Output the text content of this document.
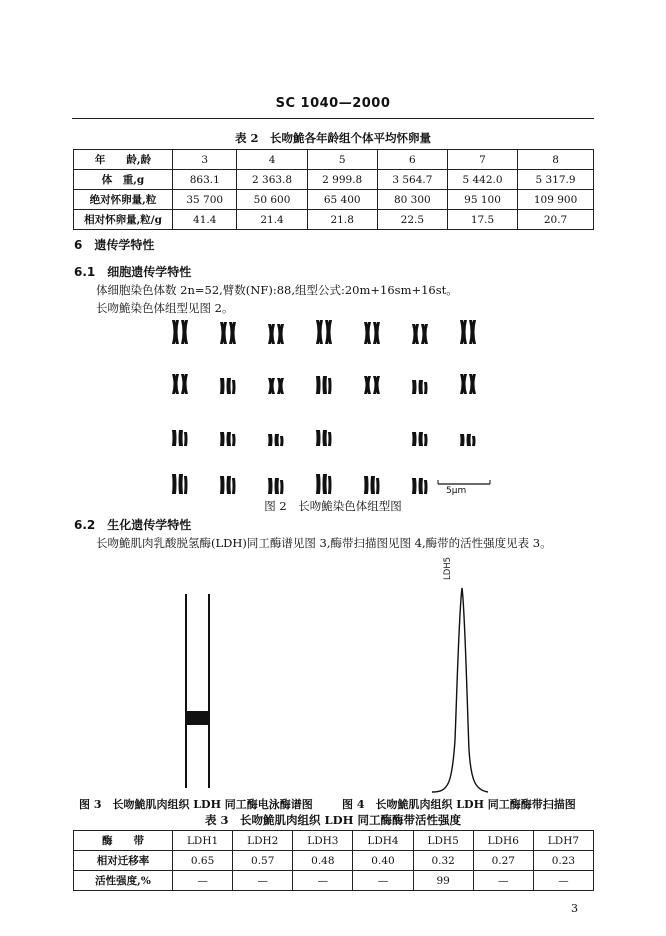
SC 1040—2000
表 2　长吻鮠各年龄组个体平均怀卵量
年　　龄,龄	3	4	5	6	7	8
体　重,g	863.1	2 363.8	2 999.8	3 564.7	5 442.0	5 317.9
绝对怀卵量,粒	35 700	50 600	65 400	80 300	95 100	109 900
相对怀卵量,粒/g	41.4	21.4	21.8	22.5	17.5	20.7
6　遗传学特性
6.1　细胞遗传学特性
体细胞染色体数 2n=52,臂数(NF):88,组型公式:20m+16sm+16st。
长吻鮠染色体组型见图 2。
5μm
图 2　长吻鮠染色体组型图
6.2　生化遗传学特性
长吻鮠肌肉乳酸脱氢酶(LDH)同工酶谱见图 3,酶带扫描图见图 4,酶带的活性强度见表 3。
LDH5
图 3　长吻鮠肌肉组织 LDH 同工酶电泳酶谱图	图 4　长吻鮠肌肉组织 LDH 同工酶酶带扫描图
表 3　长吻鮠肌肉组织 LDH 同工酶酶带活性强度
酶　　带	LDH1	LDH2	LDH3	LDH4	LDH5	LDH6	LDH7
相对迁移率	0.65	0.57	0.48	0.40	0.32	0.27	0.23
活性强度,%	—	—	—	—	99	—	—
3
